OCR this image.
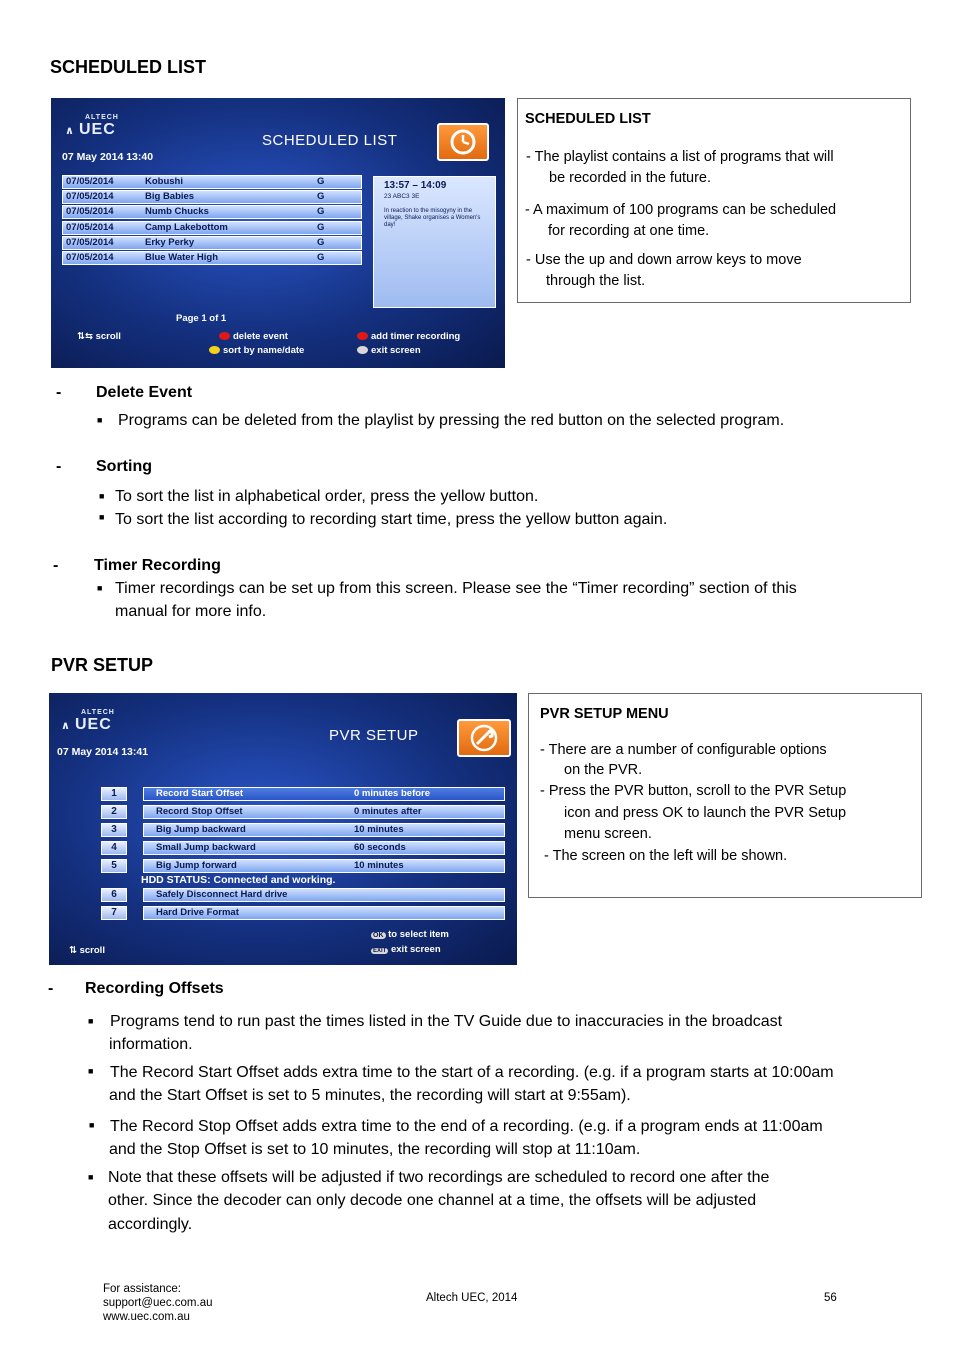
SCHEDULED LIST
ALTECH
∧ UEC
07 May 2014 13:40
SCHEDULED LIST
07/05/2014	Kobushi	G
07/05/2014	Big Babies	G
07/05/2014	Numb Chucks	G
07/05/2014	Camp Lakebottom	G
07/05/2014	Erky Perky	G
07/05/2014	Blue Water High	G
13:57 – 14:09
23 ABC3 3E
In reaction to the misogyny in the village, Shake organises a Women's day!
Page 1 of 1
⇅⇆ scroll	delete event
sort by name/date
add timer recording
exit screen
SCHEDULED LIST
- The playlist contains a list of programs that will
be recorded in the future.
- A maximum of 100 programs can be scheduled
for recording at one time.
- Use the up and down arrow keys to move
through the list.
- Delete Event
■ Programs can be deleted from the playlist by pressing the red button on the selected program.
- Sorting
■ To sort the list in alphabetical order, press the yellow button.
■ To sort the list according to recording start time, press the yellow button again.
- Timer Recording
■ Timer recordings can be set up from this screen. Please see the “Timer recording” section of this
manual for more info.
PVR SETUP
ALTECH
∧ UEC
07 May 2014 13:41
PVR SETUP
1	Record Start Offset	0 minutes before
2	Record Stop Offset	0 minutes after
3	Big Jump backward	10 minutes
4	Small Jump backward	60 seconds
5	Big Jump forward	10 minutes
6	Safely Disconnect Hard drive
7	Hard Drive Format
HDD STATUS: Connected and working.
OK to select item
EXIT exit screen
⇅ scroll
PVR SETUP MENU
- There are a number of configurable options
on the PVR.
- Press the PVR button, scroll to the PVR Setup
icon and press OK to launch the PVR Setup
menu screen.
- The screen on the left will be shown.
- Recording Offsets
■ Programs tend to run past the times listed in the TV Guide due to inaccuracies in the broadcast
information.
■ The Record Start Offset adds extra time to the start of a recording. (e.g. if a program starts at 10:00am
and the Start Offset is set to 5 minutes, the recording will start at 9:55am).
■ The Record Stop Offset adds extra time to the end of a recording. (e.g. if a program ends at 11:00am
and the Stop Offset is set to 10 minutes, the recording will stop at 11:10am.
■ Note that these offsets will be adjusted if two recordings are scheduled to record one after the
other. Since the decoder can only decode one channel at a time, the offsets will be adjusted
accordingly.
For assistance:
support@uec.com.au
www.uec.com.au
Altech UEC, 2014	56
